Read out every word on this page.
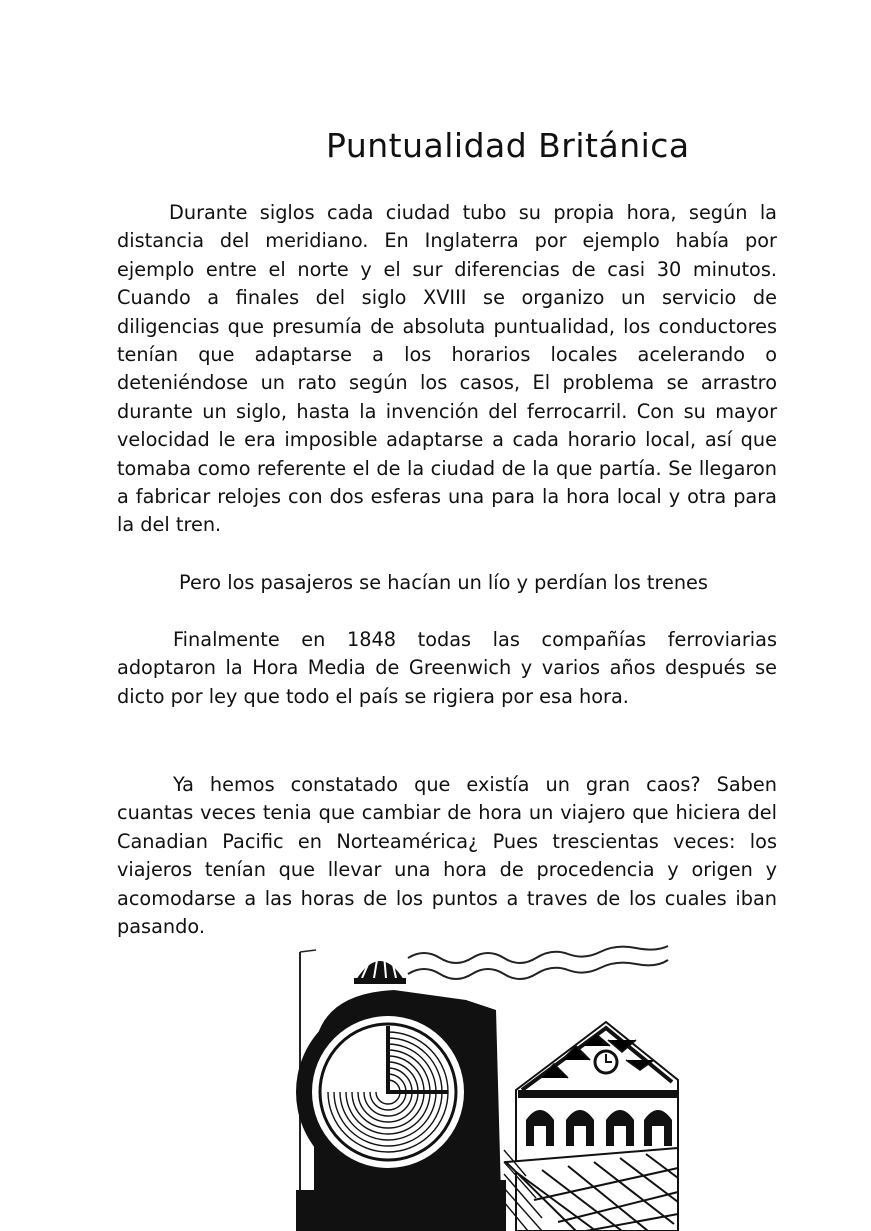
Puntualidad Británica

Durante siglos cada ciudad tubo su propia hora, según la distancia del meridiano. En Inglaterra por ejemplo había por ejemplo entre el norte y el sur diferencias de casi 30 minutos. Cuando a finales del siglo XVIII se organizo un servicio de diligencias que presumía de absoluta puntualidad, los conductores tenían que adaptarse a los horarios locales acelerando o deteniéndose un rato según los casos, El problema se arrastro durante un siglo, hasta la invención del ferrocarril. Con su mayor velocidad le era imposible adaptarse a cada horario local, así que tomaba como referente el de la ciudad de la que partía. Se llegaron a fabricar relojes con dos esferas una para la hora local y otra para la del tren.

Pero los pasajeros se hacían un lío y perdían los trenes

Finalmente en 1848 todas las compañías ferroviarias adoptaron la Hora Media de Greenwich y varios años después se dicto por ley que todo el país se rigiera por esa hora.

Ya hemos constatado que existía un gran caos? Saben cuantas veces tenia que cambiar de hora un viajero que hiciera del Canadian Pacific en Norteamérica¿ Pues trescientas veces: los viajeros tenían que llevar una hora de procedencia y origen y acomodarse a las horas de los puntos a traves de los cuales iban pasando.
